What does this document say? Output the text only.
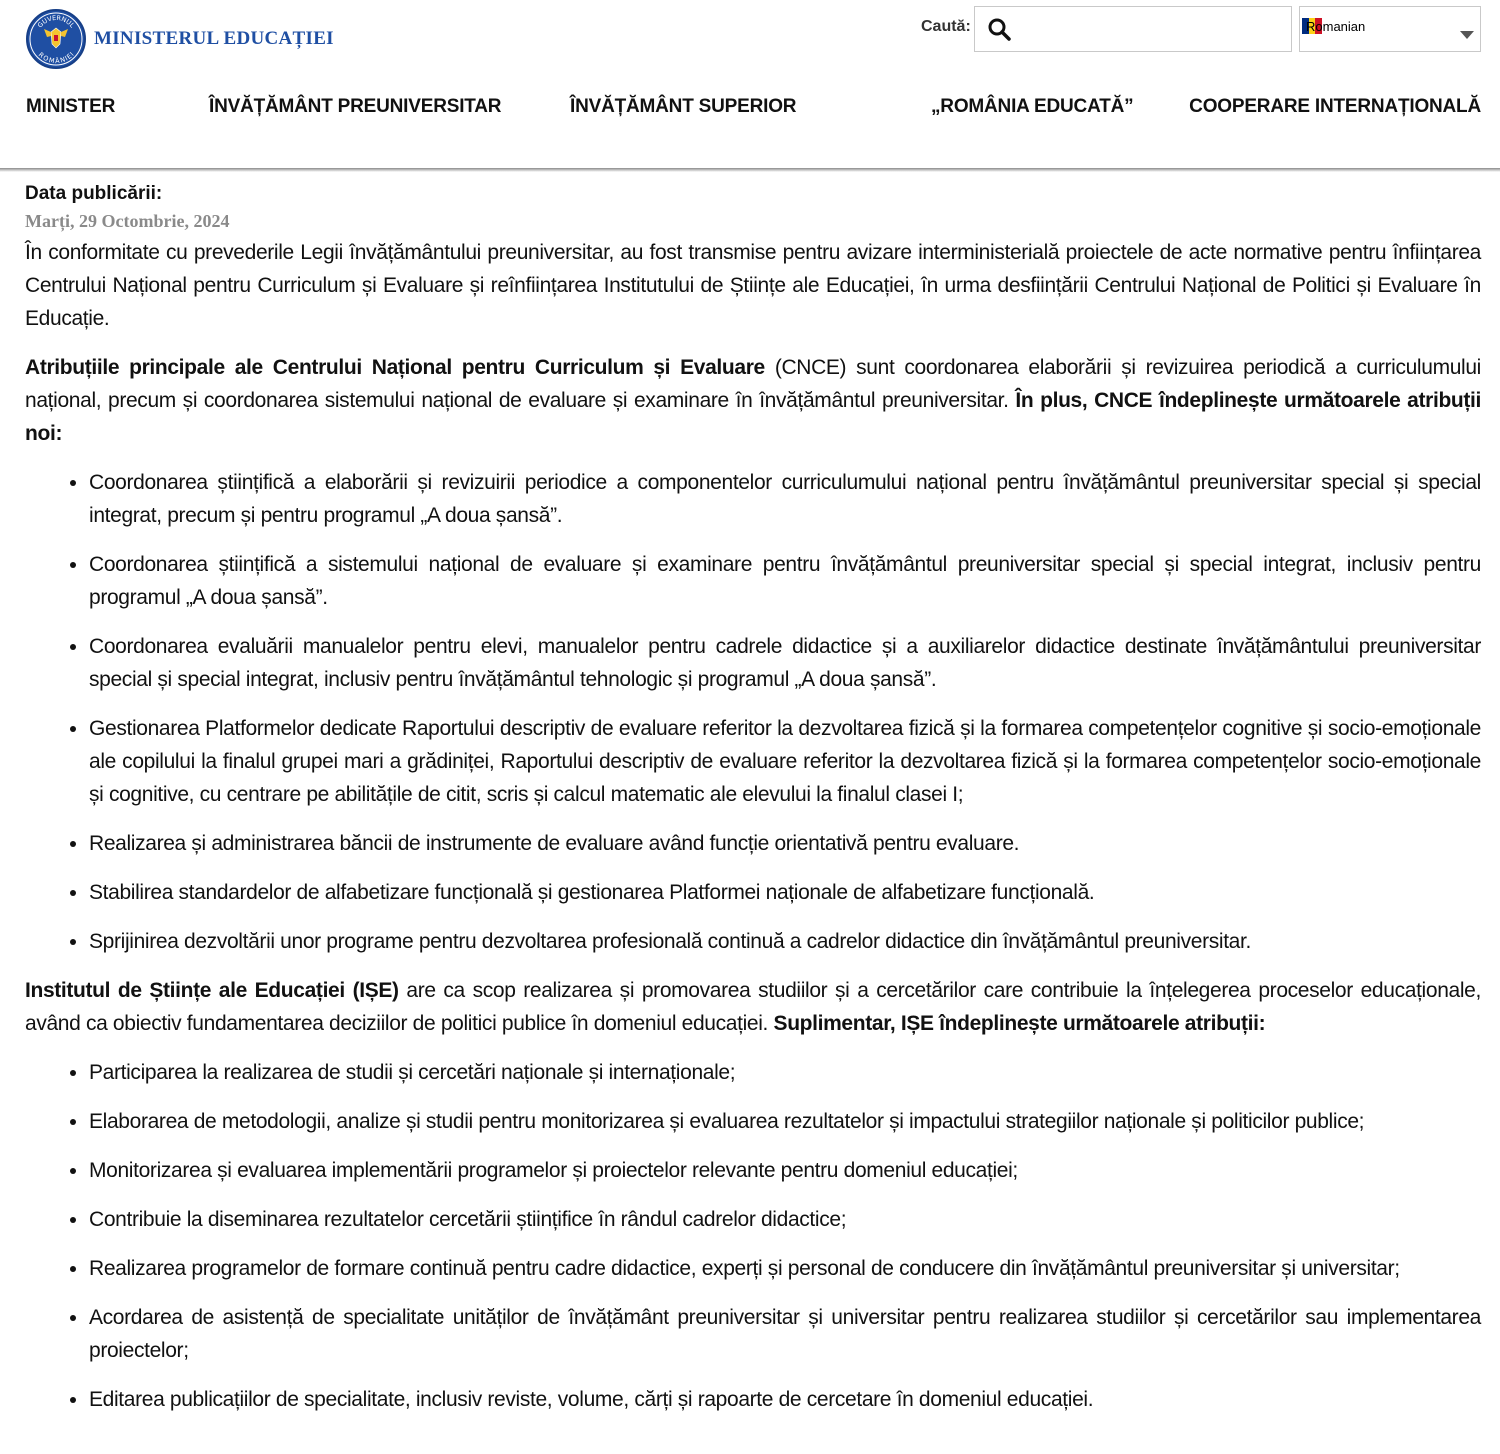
GUVERNUL
ROMÂNIEI
MINISTERUL EDUCAȚIEI
Caută:	Romanian
MINISTER	ÎNVĂȚĂMÂNT PREUNIVERSITAR	ÎNVĂȚĂMÂNT SUPERIOR	„ROMÂNIA EDUCATĂ”	COOPERARE INTERNAȚIONALĂ
Data publicării:
Marți, 29 Octombrie, 2024

În conformitate cu prevederile Legii învățământului preuniversitar, au fost transmise pentru avizare interministerială proiectele de acte normative pentru înființarea Centrului Național pentru Curriculum și Evaluare și reînființarea Institutului de Științe ale Educației, în urma desființării Centrului Național de Politici și Evaluare în Educație.

Atribuțiile principale ale Centrului Național pentru Curriculum și Evaluare (CNCE) sunt coordonarea elaborării și revizuirea periodică a curriculumului național, precum și coordonarea sistemului național de evaluare și examinare în învățământul preuniversitar. În plus, CNCE îndeplinește următoarele atribuții noi:

• Coordonarea științifică a elaborării și revizuirii periodice a componentelor curriculumului național pentru învățământul preuniversitar special și special integrat, precum și pentru programul „A doua șansă”.
• Coordonarea științifică a sistemului național de evaluare și examinare pentru învățământul preuniversitar special și special integrat, inclusiv pentru programul „A doua șansă”.
• Coordonarea evaluării manualelor pentru elevi, manualelor pentru cadrele didactice și a auxiliarelor didactice destinate învățământului preuniversitar special și special integrat, inclusiv pentru învățământul tehnologic și programul „A doua șansă”.
• Gestionarea Platformelor dedicate Raportului descriptiv de evaluare referitor la dezvoltarea fizică și la formarea competențelor cognitive și socio-emoționale ale copilului la finalul grupei mari a grădiniței, Raportului descriptiv de evaluare referitor la dezvoltarea fizică și la formarea competențelor socio-emoționale și cognitive, cu centrare pe abilitățile de citit, scris și calcul matematic ale elevului la finalul clasei I;
• Realizarea și administrarea băncii de instrumente de evaluare având funcție orientativă pentru evaluare.
• Stabilirea standardelor de alfabetizare funcțională și gestionarea Platformei naționale de alfabetizare funcțională.
• Sprijinirea dezvoltării unor programe pentru dezvoltarea profesională continuă a cadrelor didactice din învățământul preuniversitar.

Institutul de Științe ale Educației (IȘE) are ca scop realizarea și promovarea studiilor și a cercetărilor care contribuie la înțelegerea proceselor educaționale, având ca obiectiv fundamentarea deciziilor de politici publice în domeniul educației. Suplimentar, IȘE îndeplinește următoarele atribuții:

• Participarea la realizarea de studii și cercetări naționale și internaționale;
• Elaborarea de metodologii, analize și studii pentru monitorizarea și evaluarea rezultatelor și impactului strategiilor naționale și politicilor publice;
• Monitorizarea și evaluarea implementării programelor și proiectelor relevante pentru domeniul educației;
• Contribuie la diseminarea rezultatelor cercetării științifice în rândul cadrelor didactice;
• Realizarea programelor de formare continuă pentru cadre didactice, experți și personal de conducere din învățământul preuniversitar și universitar;
• Acordarea de asistență de specialitate unităților de învățământ preuniversitar și universitar pentru realizarea studiilor și cercetărilor sau implementarea proiectelor;
• Editarea publicațiilor de specialitate, inclusiv reviste, volume, cărți și rapoarte de cercetare în domeniul educației.
